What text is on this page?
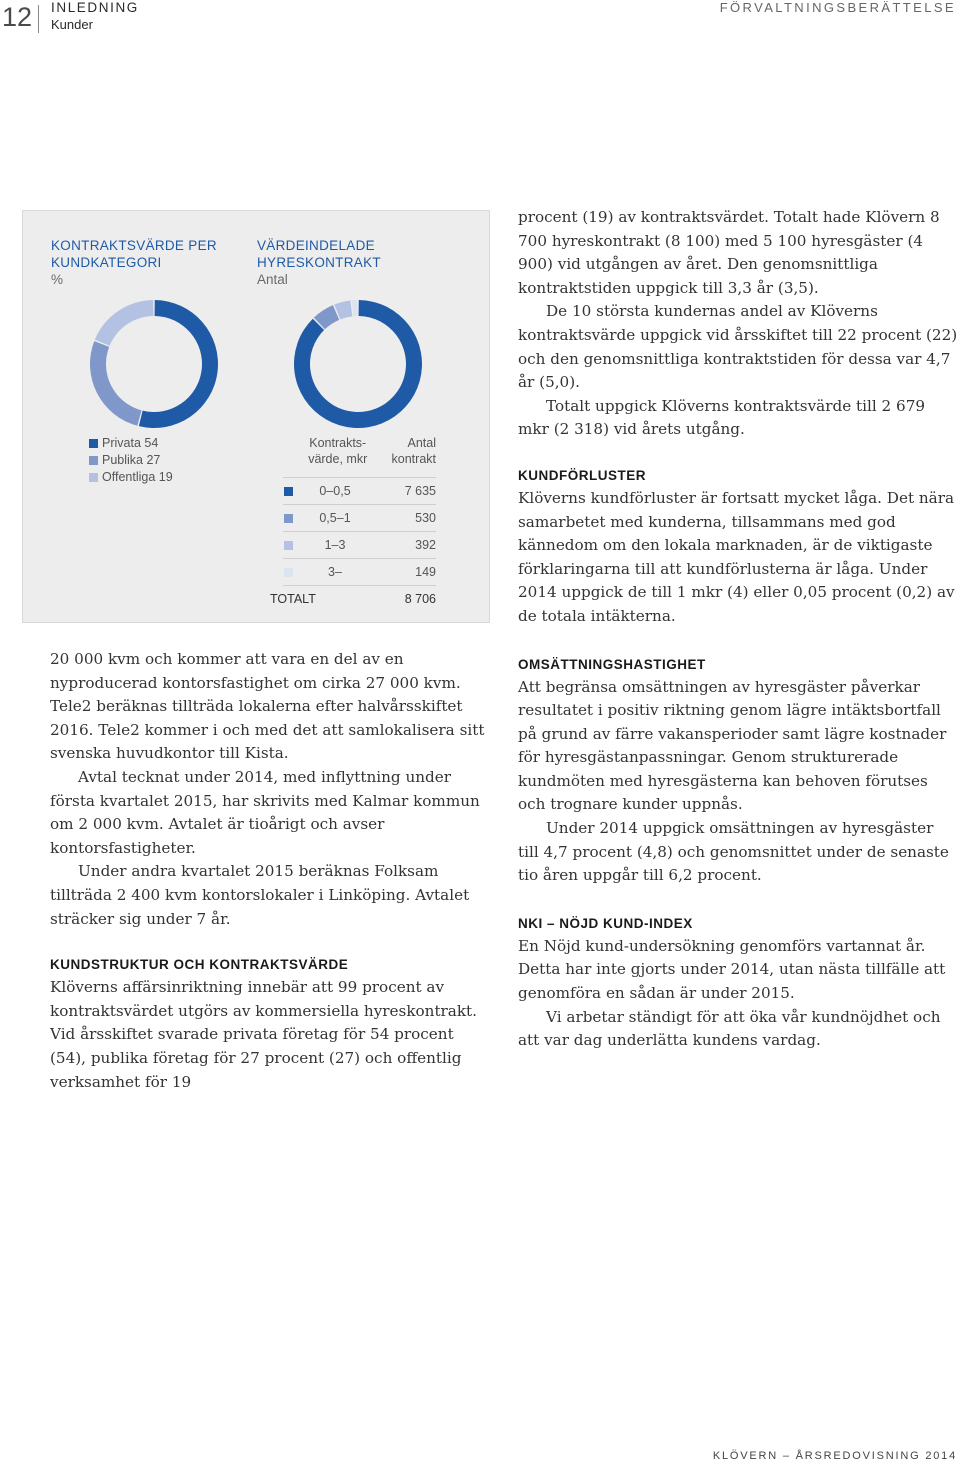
12 INLEDNING
Kunder
FÖRVALTNINGSBERÄTTELSE
KONTRAKTSVÄRDE PER KUNDKATEGORI
%
VÄRDEINDELADE HYRESKONTRAKT
Antal
Privata 54
Publika 27
Offentliga 19
Kontrakts-
värde, mkr
Antal
kontrakt
0–0,5	7 635
0,5–1	530
1–3	392
3–	149
TOTALT	8 706

20 000 kvm och kommer att vara en del av en nyproducerad kontorsfastighet om cirka 27 000 kvm. Tele2 beräknas tillträda lokalerna efter halvårsskiftet 2016. Tele2 kommer i och med det att samlokalisera sitt svenska huvudkontor till Kista.

Avtal tecknat under 2014, med inflyttning under första kvartalet 2015, har skrivits med Kalmar kommun om 2 000 kvm. Avtalet är tioårigt och avser kontorsfastigheter.

Under andra kvartalet 2015 beräknas Folksam tillträda 2 400 kvm kontorslokaler i Linköping. Avtalet sträcker sig under 7 år.

KUNDSTRUKTUR OCH KONTRAKTSVÄRDE

Klöverns affärsinriktning innebär att 99 procent av kontraktsvärdet utgörs av kommersiella hyreskontrakt. Vid årsskiftet svarade privata företag för 54 procent (54), publika företag för 27 procent (27) och offentlig verksamhet för 19

procent (19) av kontraktsvärdet. Totalt hade Klövern 8 700 hyreskontrakt (8 100) med 5 100 hyresgäster (4 900) vid utgången av året. Den genomsnittliga kontraktstiden uppgick till 3,3 år (3,5).

De 10 största kundernas andel av Klöverns kontraktsvärde uppgick vid årsskiftet till 22 procent (22) och den genomsnittliga kontraktstiden för dessa var 4,7 år (5,0).

Totalt uppgick Klöverns kontraktsvärde till 2 679 mkr (2 318) vid årets utgång.

KUNDFÖRLUSTER

Klöverns kundförluster är fortsatt mycket låga. Det nära samarbetet med kunderna, tillsammans med god kännedom om den lokala marknaden, är de viktigaste förklaringarna till att kundförlusterna är låga. Under 2014 uppgick de till 1 mkr (4) eller 0,05 procent (0,2) av de totala intäkterna.

OMSÄTTNINGSHASTIGHET

Att begränsa omsättningen av hyresgäster påverkar resultatet i positiv riktning genom lägre intäktsbortfall på grund av färre vakansperioder samt lägre kostnader för hyresgästanpassningar. Genom strukturerade kundmöten med hyresgästerna kan behoven förutses och trognare kunder uppnås.

Under 2014 uppgick omsättningen av hyresgäster till 4,7 procent (4,8) och genomsnittet under de senaste tio åren uppgår till 6,2 procent.

NKI – NÖJD KUND-INDEX

En Nöjd kund-undersökning genomförs vartannat år. Detta har inte gjorts under 2014, utan nästa tillfälle att genomföra en sådan är under 2015.

Vi arbetar ständigt för att öka vår kundnöjdhet och att var dag underlätta kundens vardag.

KLÖVERN – ÅRSREDOVISNING 2014
